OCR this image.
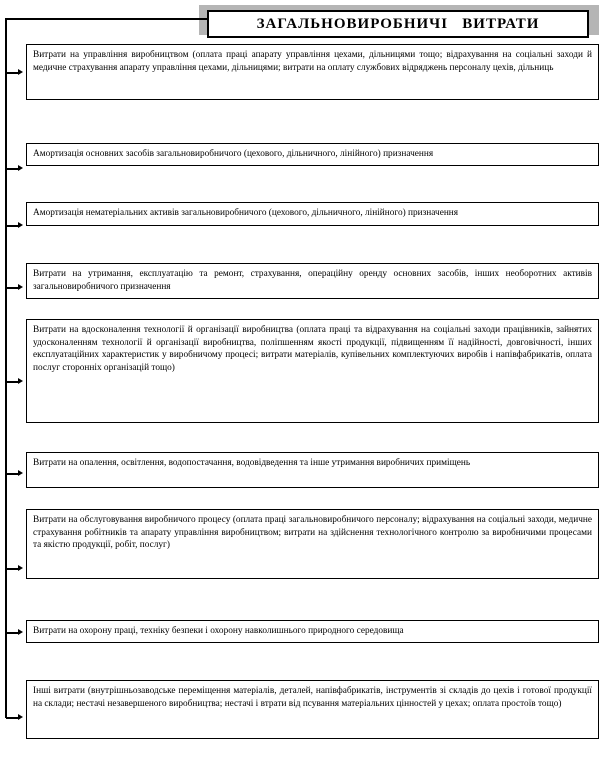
ЗАГАЛЬНОВИРОБНИЧІ   ВИТРАТИ
Витрати на управління виробництвом (оплата праці апарату управління цехами, дільницями тощо; відрахування на соціальні заходи й медичне страхування апарату управління цехами, дільницями; витрати на оплату службових відряджень персоналу цехів, дільниць
Амортизація основних засобів загальновиробничого (цехового, дільничного, лінійного) призначення
Амортизація нематеріальних активів загальновиробничого (цехового, дільничного, лінійного) призначення
Витрати на утримання, експлуатацію та ремонт, страхування, операційну оренду основних засобів, інших необоротних активів загальновиробничого призначення
Витрати на вдосконалення технології й організації виробництва (оплата праці та відрахування на соціальні заходи працівників, зайнятих удосконаленням технології й організації виробництва, поліпшенням якості продукції, підвищенням її надійності, довговічності, інших експлуатаційних характеристик у виробничому процесі; витрати матеріалів, купівельних комплектуючих виробів і напівфабрикатів, оплата послуг сторонніх організацій тощо)
Витрати на опалення, освітлення, водопостачання, водовідведення та інше утримання виробничих приміщень
Витрати на обслуговування виробничого процесу (оплата праці загальновиробничого персоналу; відрахування на соціальні заходи, медичне страхування робітників та апарату управління виробництвом; витрати на здійснення технологічного контролю за виробничими процесами та якістю продукції, робіт, послуг)
Витрати на охорону праці, техніку безпеки і охорону навколишнього природного середовища
Інші витрати (внутрішньозаводське переміщення матеріалів, деталей, напівфабрикатів, інструментів зі складів до цехів і готової продукції на склади; нестачі незавершеного виробництва; нестачі і втрати від псування матеріальних цінностей у цехах; оплата простоїв тощо)
